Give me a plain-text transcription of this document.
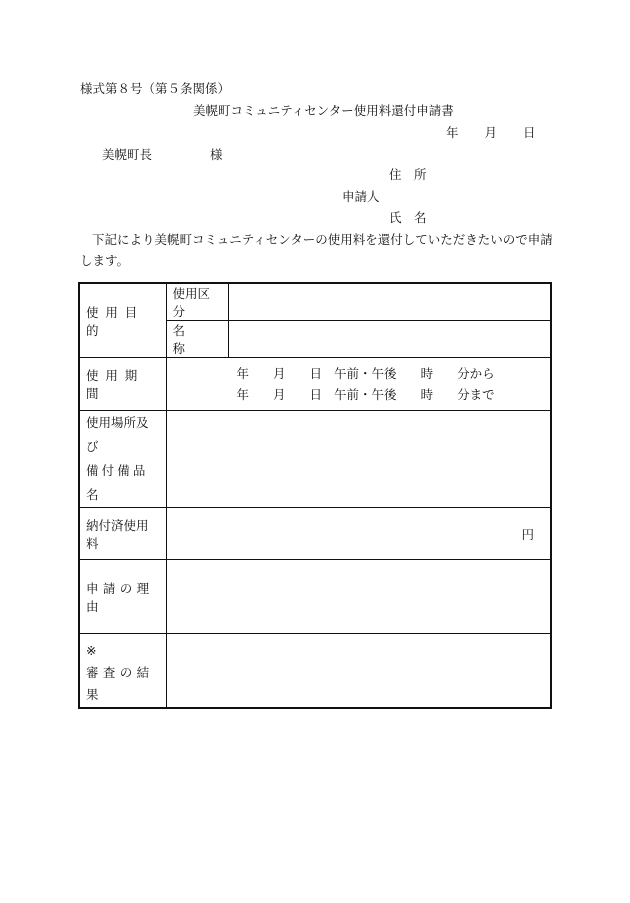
様式第８号（第５条関係）
美幌町コミュニティセンター使用料還付申請書
年 月 日
美幌町長	様
住　所
申請人
氏　名
下記により美幌町コミュニティセンターの使用料を還付していただきたいので申請します。
使用目的	使用区分	
	名　　称	
使用期間	年 月 日 午前・午後 時 分から
年 月 日 午前・午後 時 分まで	

使用場所及び
備付備品名		

納付済使用料	円	
申請の理由		

※
審査の結果		
